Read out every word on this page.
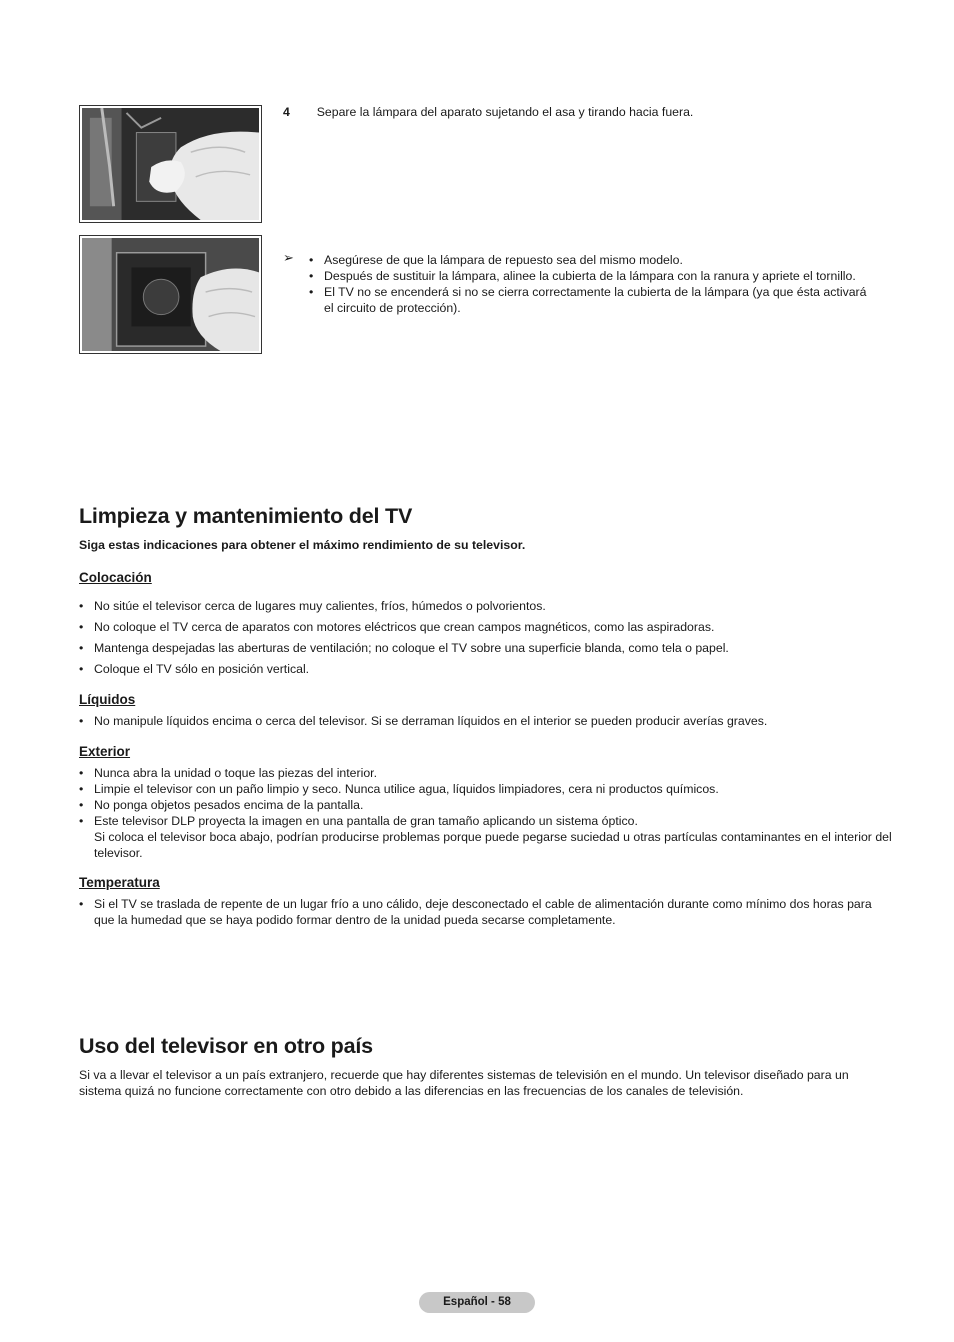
4 Separe la lámpara del aparato sujetando el asa y tirando hacia fuera.
➢
•	Asegúrese de que la lámpara de repuesto sea del mismo modelo.
• Después de sustituir la lámpara, alinee la cubierta de la lámpara con la ranura y apriete el tornillo.
• El TV no se encenderá si no se cierra correctamente la cubierta de la lámpara (ya que ésta activará el circuito de protección).
Limpieza y mantenimiento del TV
Siga estas indicaciones para obtener el máximo rendimiento de su televisor.
Colocación
• No sitúe el televisor cerca de lugares muy calientes, fríos, húmedos o polvorientos.
• No coloque el TV cerca de aparatos con motores eléctricos que crean campos magnéticos, como las aspiradoras.
• Mantenga despejadas las aberturas de ventilación; no coloque el TV sobre una superficie blanda, como tela o papel.
• Coloque el TV sólo en posición vertical.
Líquidos
• No manipule líquidos encima o cerca del televisor. Si se derraman líquidos en el interior se pueden producir averías graves.
Exterior
• Nunca abra la unidad o toque las piezas del interior.
• Limpie el televisor con un paño limpio y seco. Nunca utilice agua, líquidos limpiadores, cera ni productos químicos.
• No ponga objetos pesados encima de la pantalla.
• Este televisor DLP proyecta la imagen en una pantalla de gran tamaño aplicando un sistema óptico.
Si coloca el televisor boca abajo, podrían producirse problemas porque puede pegarse suciedad u otras partículas contaminantes en el interior del televisor.
Temperatura
• Si el TV se traslada de repente de un lugar frío a uno cálido, deje desconectado el cable de alimentación durante como mínimo dos horas para que la humedad que se haya podido formar dentro de la unidad pueda secarse completamente.
Uso del televisor en otro país
Si va a llevar el televisor a un país extranjero, recuerde que hay diferentes sistemas de televisión en el mundo. Un televisor diseñado para un sistema quizá no funcione correctamente con otro debido a las diferencias en las frecuencias de los canales de televisión.
Español - 58
